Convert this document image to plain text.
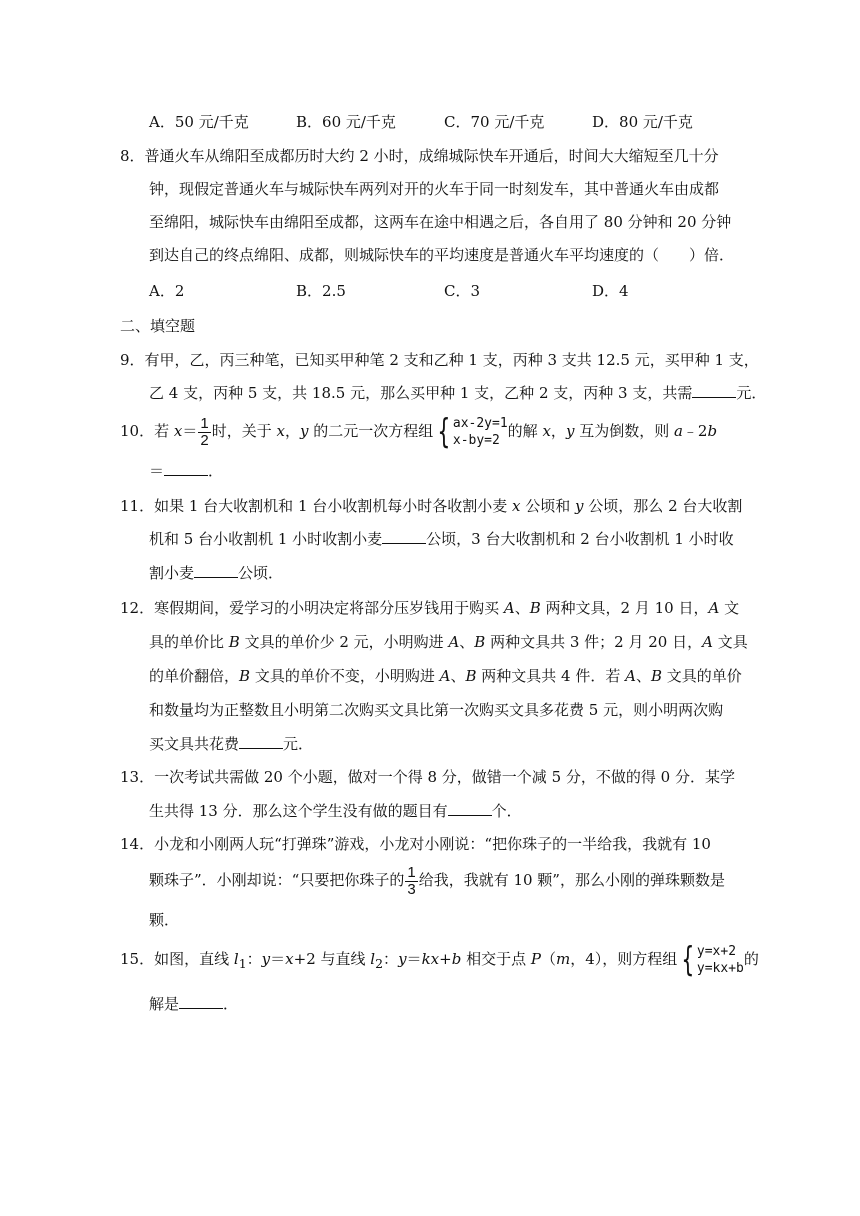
A．50 元/千克	B．60 元/千克	C．70 元/千克	D．80 元/千克
8．普通火车从绵阳至成都历时大约 2 小时，成绵城际快车开通后，时间大大缩短至几十分
钟，现假定普通火车与城际快车两列对开的火车于同一时刻发车，其中普通火车由成都
至绵阳，城际快车由绵阳至成都，这两车在途中相遇之后，各自用了 80 分钟和 20 分钟
到达自己的终点绵阳、成都，则城际快车的平均速度是普通火车平均速度的（　　）倍．
A．2	B．2.5	C．3	D．4
二、填空题
9．有甲，乙，丙三种笔，已知买甲种笔 2 支和乙种 1 支，丙种 3 支共 12.5 元，买甲种 1 支，
乙 4 支，丙种 5 支，共 18.5 元，那么买甲种 1 支，乙种 2 支，丙种 3 支，共需	元．
10．若 $x= \frac{1}{2}$ 时，关于 x，y 的二元一次方程组 { ax-2y=1
x-by=2
的解 x，y 互为倒数，则 a﹣2b
＝	．
11．如果 1 台大收割机和 1 台小收割机每小时各收割小麦 x 公顷和 y 公顷，那么 2 台大收割
机和 5 台小收割机 1 小时收割小麦	公顷，3 台大收割机和 2 台小收割机 1 小时收
割小麦	公顷．
12．寒假期间，爱学习的小明决定将部分压岁钱用于购买 A、B 两种文具，2 月 10 日，A 文
具的单价比 B 文具的单价少 2 元，小明购进 A、B 两种文具共 3 件；2 月 20 日，A 文具
的单价翻倍，B 文具的单价不变，小明购进 A、B 两种文具共 4 件．若 A、B 文具的单价
和数量均为正整数且小明第二次购买文具比第一次购买文具多花费 5 元，则小明两次购
买文具共花费	元．
13．一次考试共需做 20 个小题，做对一个得 8 分，做错一个减 5 分，不做的得 0 分．某学
生共得 13 分．那么这个学生没有做的题目有	个．
14．小龙和小刚两人玩“打弹珠”游戏，小龙对小刚说：“把你珠子的一半给我，我就有 10
颗珠子”．小刚却说：“只要把你珠子的 $\frac{1}{3}$ 给我，我就有 10 颗”，那么小刚的弹珠颗数是
颗．
15．如图，直线 $l_1$：y＝x+2 与直线 $l_2$：y＝kx+b 相交于点 P（m，4），则方程组 { y=x+2
y=kx+b
的
解是	．
